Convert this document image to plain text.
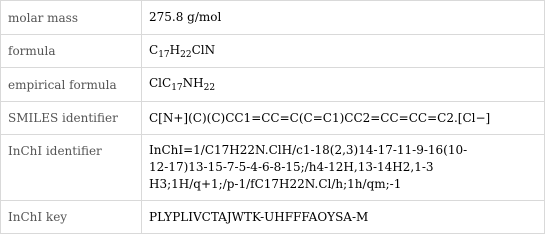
molar mass	275.8 g/mol
formula	$C_{17}H_{22}ClN$
empirical formula	$ClC_{17}NH_{22}$
SMILES identifier	C[N+](C)(C)CC1=CC=C(C=C1)CC2=CC=CC=C2.[Cl−]
InChI identifier	InChI=1/C17H22N.ClH/c1-18(2,3)14-17-11-9-16(10-
12-17)13-15-7-5-4-6-8-15;/h4-12H,13-14H2,1-3
H3;1H/q+1;/p-1/fC17H22N.Cl/h;1h/qm;-1

InChI key	PLYPLIVCTAJWTK-UHFFFAOYSA-M
